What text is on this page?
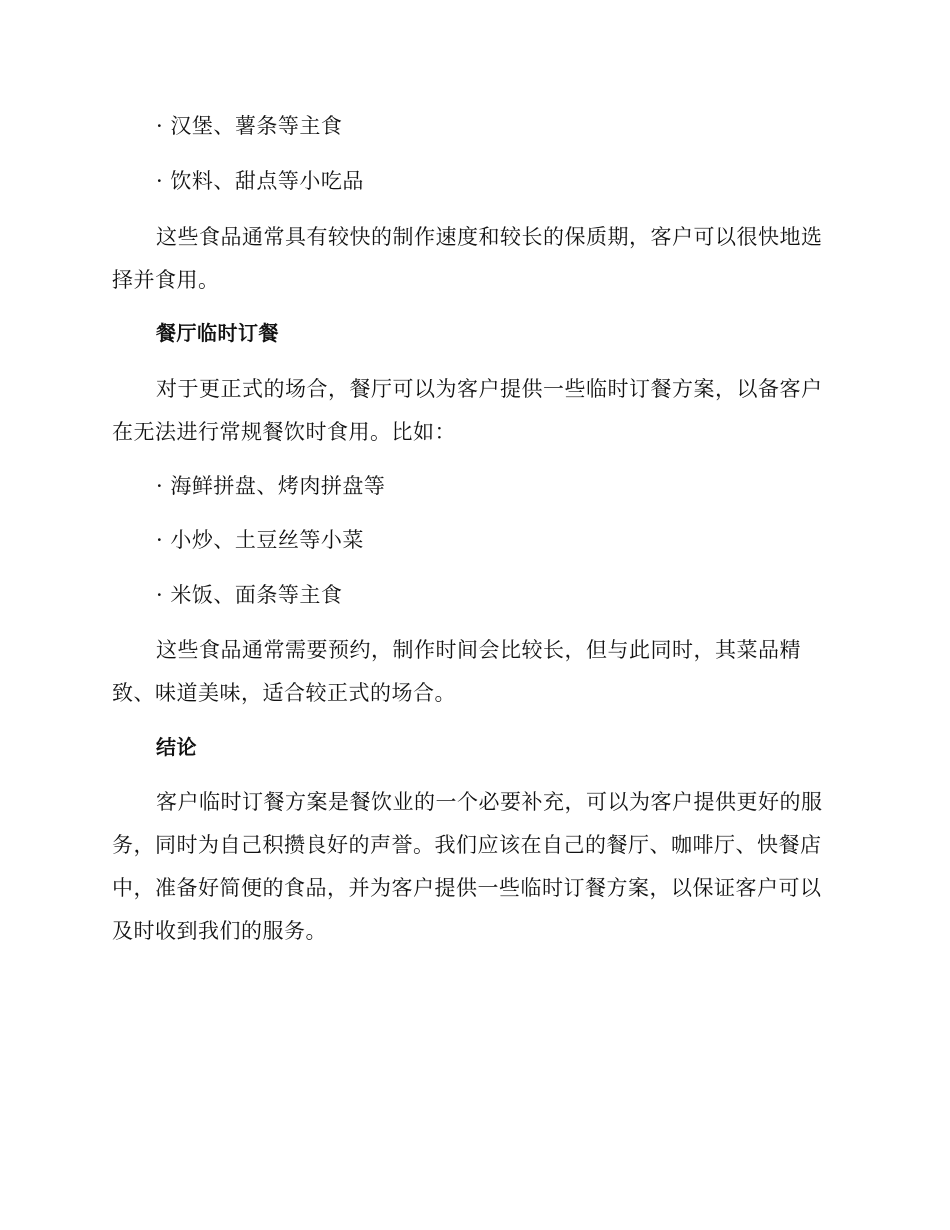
· 汉堡、薯条等主食

· 饮料、甜点等小吃品

这些食品通常具有较快的制作速度和较长的保质期，客户可以很快地选择并食用。

餐厅临时订餐

对于更正式的场合，餐厅可以为客户提供一些临时订餐方案，以备客户在无法进行常规餐饮时食用。比如：

· 海鲜拼盘、烤肉拼盘等

· 小炒、土豆丝等小菜

· 米饭、面条等主食

这些食品通常需要预约，制作时间会比较长，但与此同时，其菜品精致、味道美味，适合较正式的场合。

结论

客户临时订餐方案是餐饮业的一个必要补充，可以为客户提供更好的服务，同时为自己积攒良好的声誉。我们应该在自己的餐厅、咖啡厅、快餐店中，准备好简便的食品，并为客户提供一些临时订餐方案，以保证客户可以及时收到我们的服务。
